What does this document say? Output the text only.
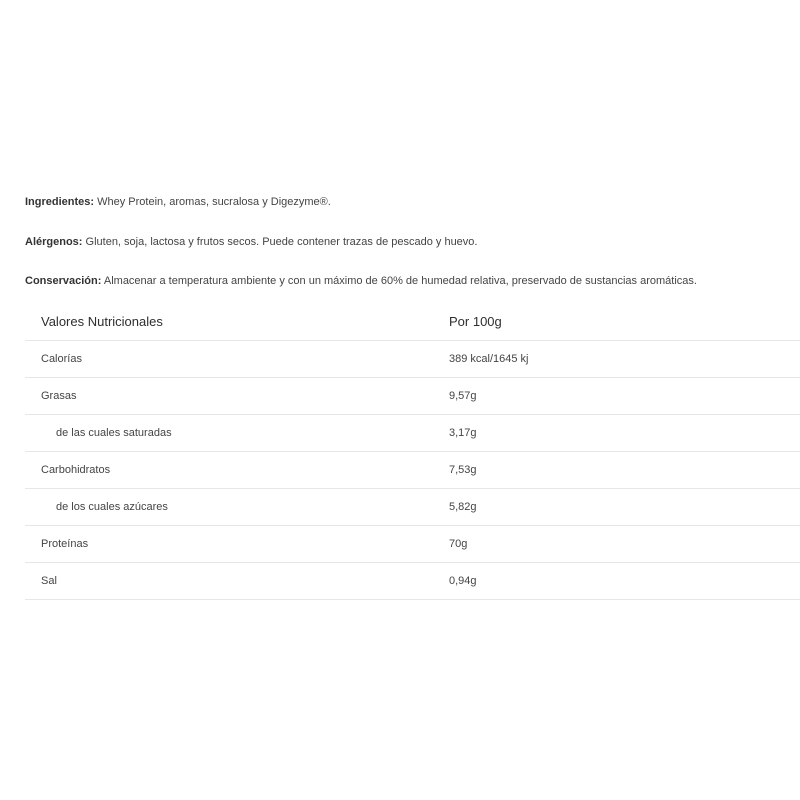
Ingredientes: Whey Protein, aromas, sucralosa y Digezyme®.

Alérgenos: Gluten, soja, lactosa y frutos secos. Puede contener trazas de pescado y huevo.

Conservación: Almacenar a temperatura ambiente y con un máximo de 60% de humedad relativa, preservado de sustancias aromáticas.

Valores Nutricionales	Por 100g
Calorías	389 kcal/1645 kj
Grasas	9,57g
de las cuales saturadas	3,17g
Carbohidratos	7,53g
de los cuales azúcares	5,82g
Proteínas	70g
Sal	0,94g
